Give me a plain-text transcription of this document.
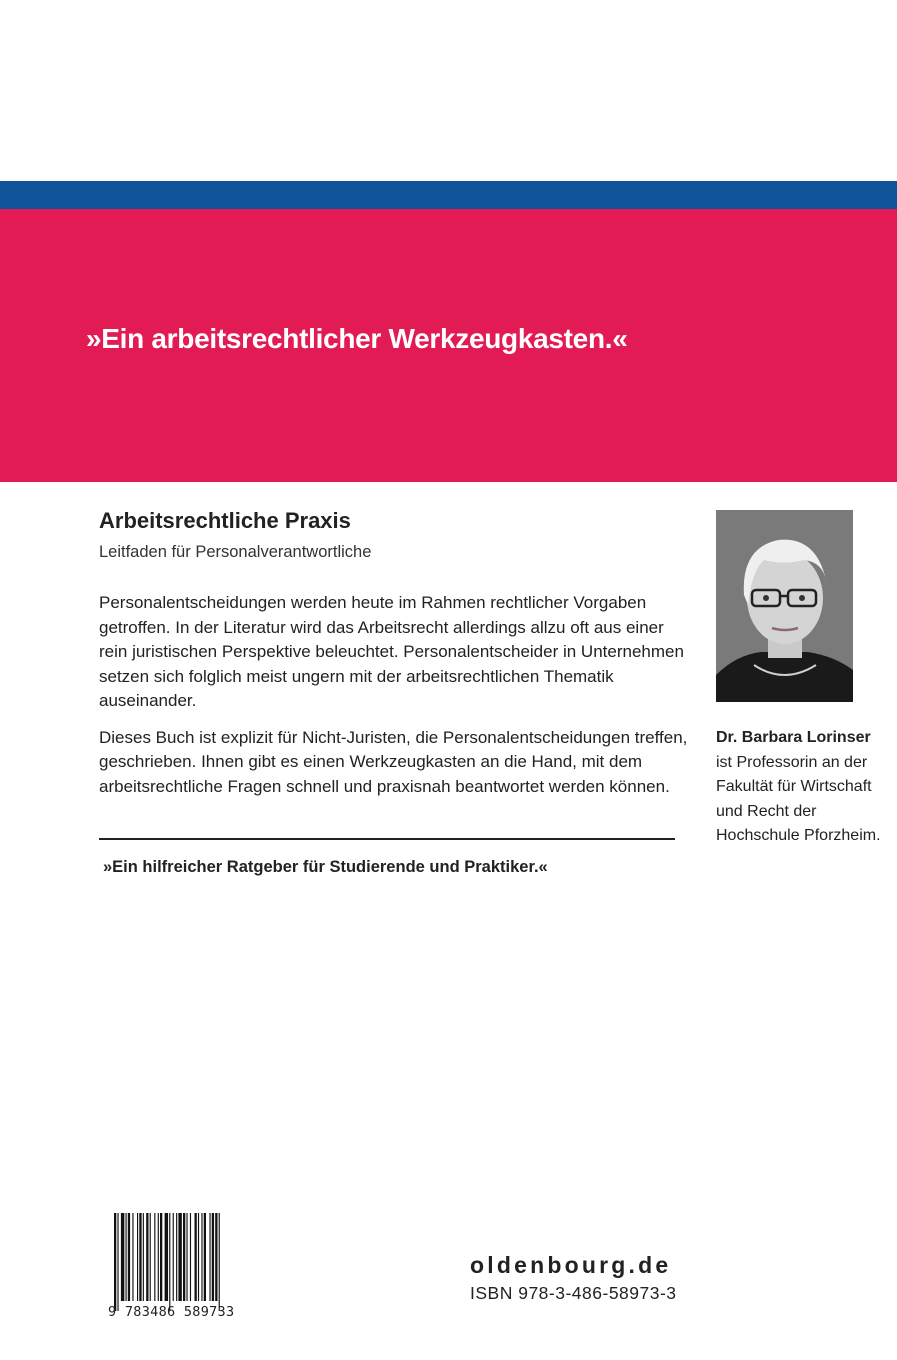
»Ein arbeitsrechtlicher Werkzeugkasten.«

Arbeitsrechtliche Praxis

Leitfaden für Personalverantwortliche

Personalentscheidungen werden heute im Rahmen rechtlicher Vorgaben getroffen. In der Literatur wird das Arbeitsrecht allerdings allzu oft aus einer rein juristischen Perspektive beleuchtet. Personalentscheider in Unternehmen setzen sich folglich meist ungern mit der arbeitsrechtlichen Thematik auseinander.

Dieses Buch ist explizit für Nicht-Juristen, die Personalentscheidungen treffen, geschrieben. Ihnen gibt es einen Werkzeugkasten an die Hand, mit dem arbeitsrechtliche Fragen schnell und praxisnah beantwortet werden können.

»Ein hilfreicher Ratgeber für Studierende und Praktiker.«

Dr. Barbara Lorinser
ist Professorin an der Fakultät für Wirtschaft und Recht der Hochschule Pforzheim.
9 783486 589733

oldenbourg.de

ISBN 978-3-486-58973-3
